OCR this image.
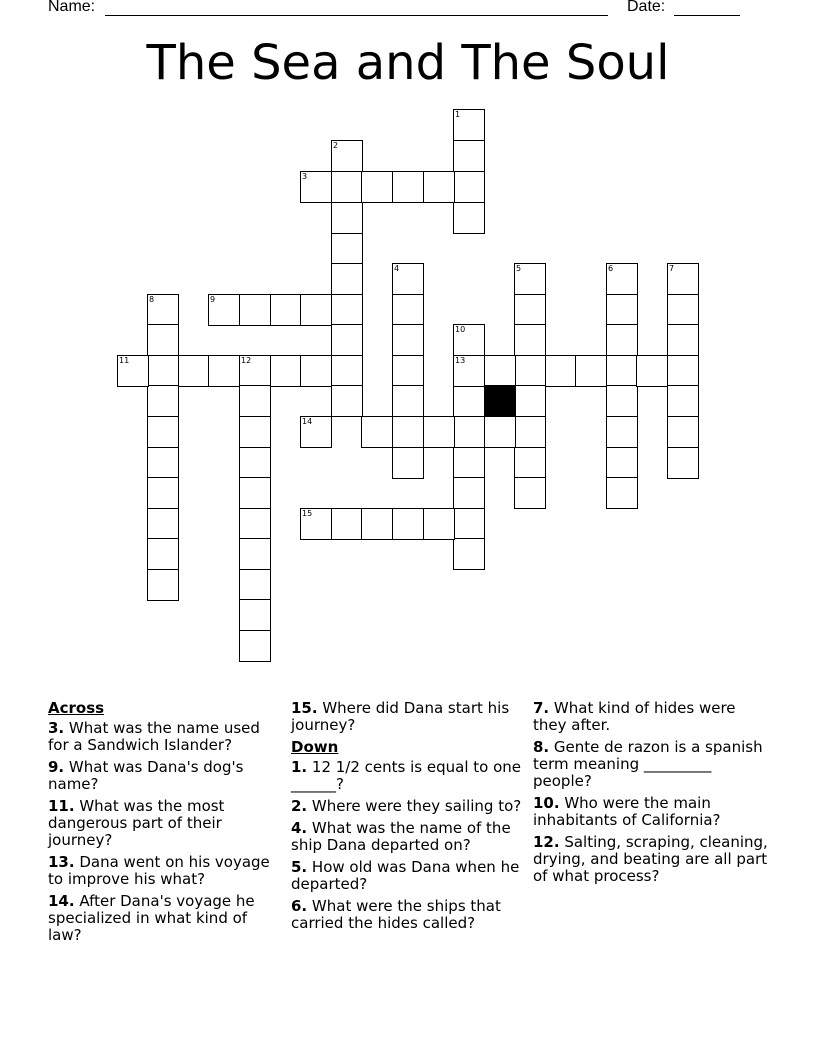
Name:	Date:
The Sea and The Soul
1
2
3
4	5	6	7
8	9
10
11	12	13
14
15
Across
3. What was the name used for a Sandwich Islander?
9. What was Dana's dog's name?
11. What was the most dangerous part of their journey?
13. Dana went on his voyage to improve his what?
14. After Dana's voyage he specialized in what kind of law?
15. Where did Dana start his journey?
Down
1. 12 1/2 cents is equal to one ______?
2. Where were they sailing to?
4. What was the name of the ship Dana departed on?
5. How old was Dana when he departed?
6. What were the ships that carried the hides called?
7. What kind of hides were they after.
8. Gente de razon is a spanish term meaning _________ people?
10. Who were the main inhabitants of California?
12. Salting, scraping, cleaning, drying, and beating are all part of what process?
